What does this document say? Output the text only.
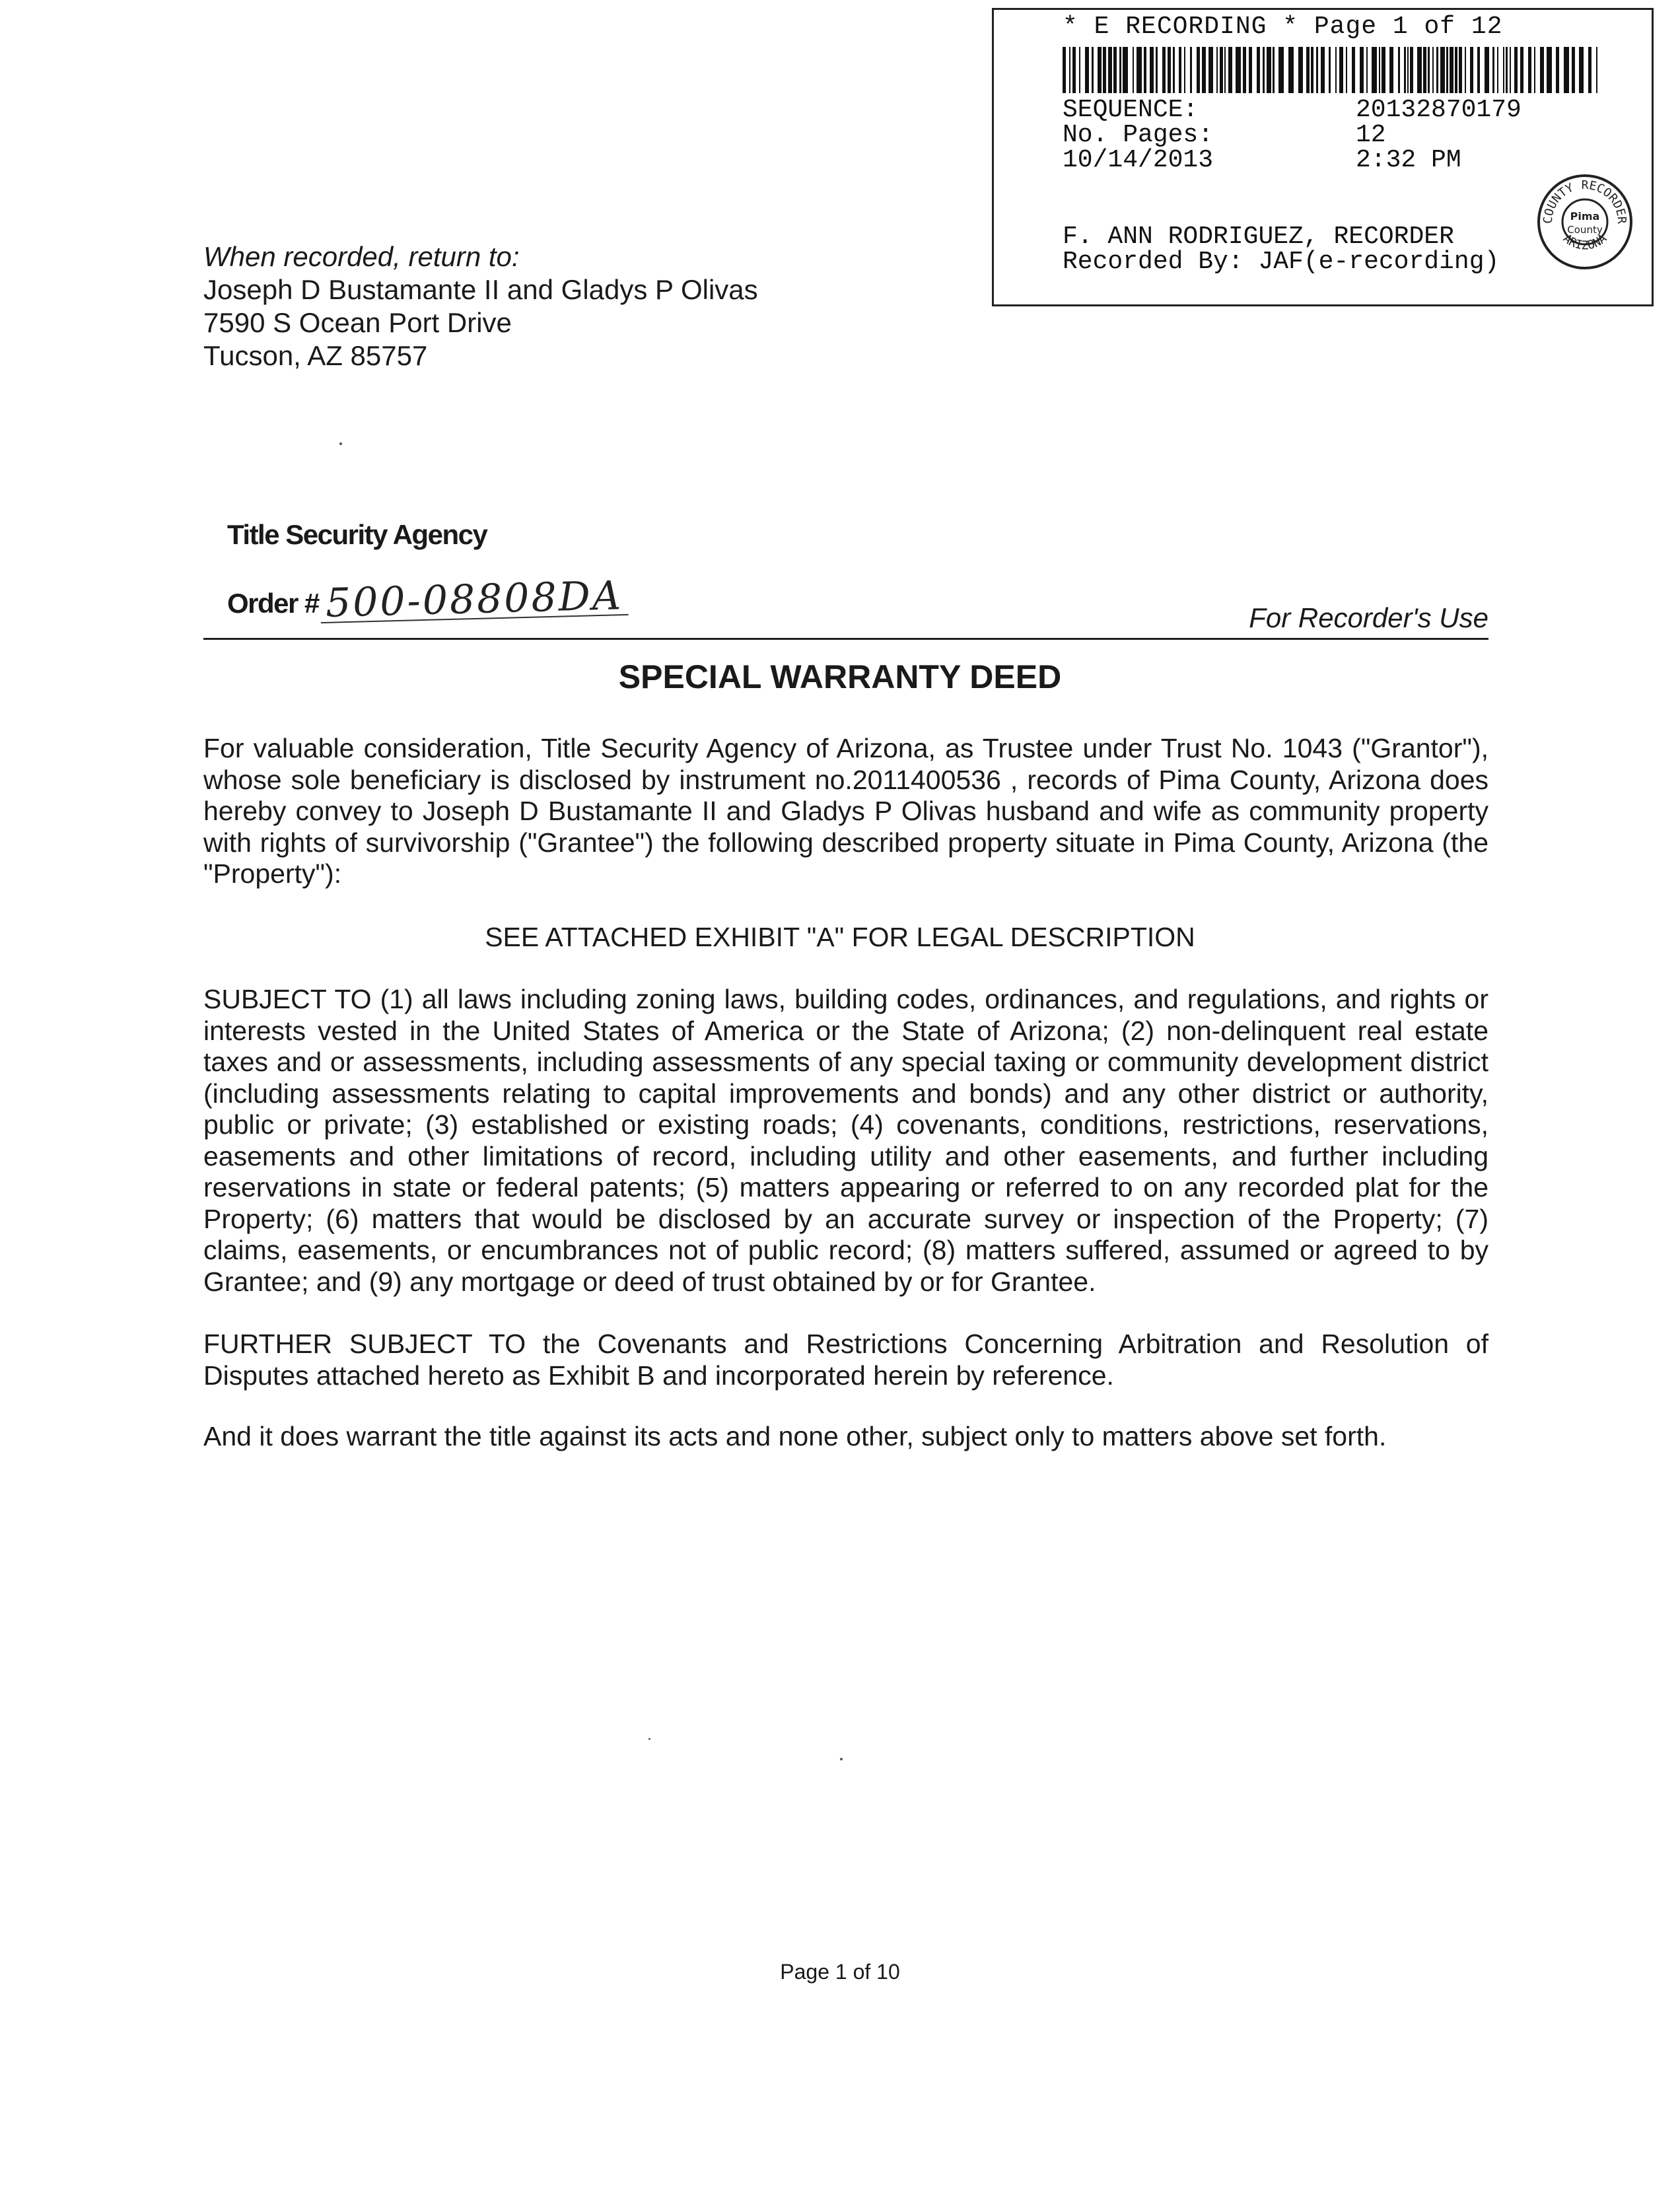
* E RECORDING * Page 1 of 12
SEQUENCE:	20132870179
No. Pages:	12
10/14/2013	2:32 PM
F. ANN RODRIGUEZ, RECORDER
Recorded By: JAF(e-recording)
COUNTY RECORDER
ARIZONA
Pima
County
When recorded, return to:
Joseph D Bustamante II and Gladys P Olivas
7590 S Ocean Port Drive
Tucson, AZ 85757
Title Security Agency
Order # 500-08808DA	For Recorder's Use
SPECIAL WARRANTY DEED
For valuable consideration, Title Security Agency of Arizona, as Trustee under Trust No. 1043 ("Grantor"), whose sole beneficiary is disclosed by instrument no.2011400536 , records of Pima County, Arizona does hereby convey to Joseph D Bustamante II and Gladys P Olivas husband and wife as community property with rights of survivorship ("Grantee") the following described property situate in Pima County, Arizona (the "Property"):
SEE ATTACHED EXHIBIT "A" FOR LEGAL DESCRIPTION
SUBJECT TO (1) all laws including zoning laws, building codes, ordinances, and regulations, and rights or interests vested in the United States of America or the State of Arizona; (2) non-delinquent real estate taxes and or assessments, including assessments of any special taxing or community development district (including assessments relating to capital improvements and bonds) and any other district or authority, public or private; (3) established or existing roads; (4) covenants, conditions, restrictions, reservations, easements and other limitations of record, including utility and other easements, and further including reservations in state or federal patents; (5) matters appearing or referred to on any recorded plat for the Property; (6) matters that would be disclosed by an accurate survey or inspection of the Property; (7) claims, easements, or encumbrances not of public record; (8) matters suffered, assumed or agreed to by Grantee; and (9) any mortgage or deed of trust obtained by or for Grantee.
FURTHER SUBJECT TO the Covenants and Restrictions Concerning Arbitration and Resolution of Disputes attached hereto as Exhibit B and incorporated herein by reference.
And it does warrant the title against its acts and none other, subject only to matters above set forth.
Page 1 of 10
